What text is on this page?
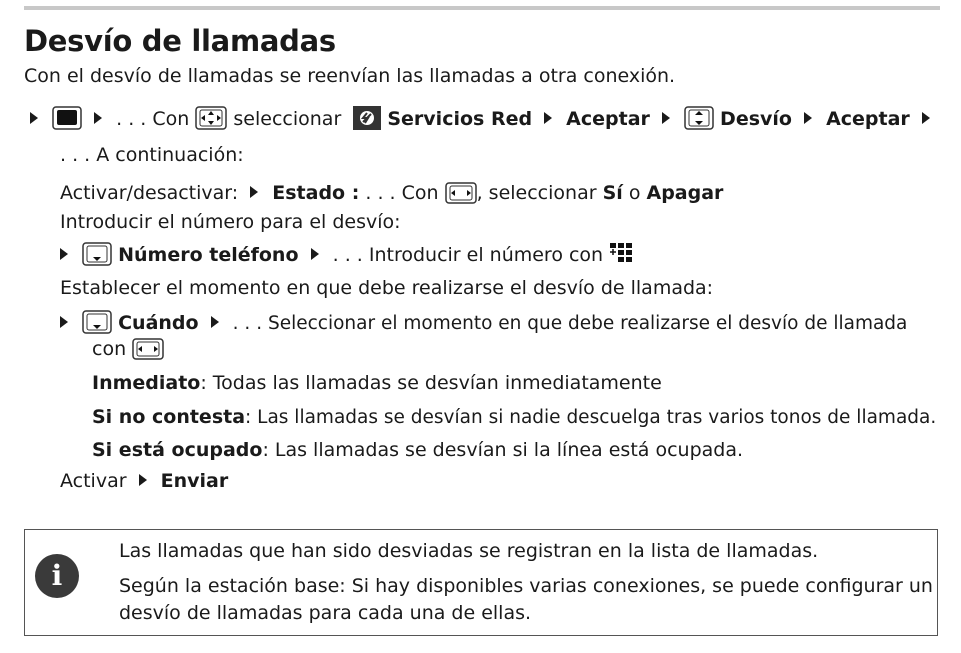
Desvío de llamadas
Con el desvío de llamadas se reenvían las llamadas a otra conexión.

. . . Con seleccionar Servicios Red Aceptar	Desvío Aceptar
. . . A continuación:
Activar/desactivar: Estado : . . . Con , seleccionar Sí o Apagar
Introducir el número para el desvío:

Número teléfono . . . Introducir el número con
Establecer el momento en que debe realizarse el desvío de llamada:

Cuándo . . . Seleccionar el momento en que debe realizarse el desvío de llamada
con
Inmediato: Todas las llamadas se desvían inmediatamente
Si no contesta: Las llamadas se desvían si nadie descuelga tras varios tonos de llamada.
Si está ocupado: Las llamadas se desvían si la línea está ocupada.
Activar Enviar
i
Las llamadas que han sido desviadas se registran en la lista de llamadas.
Según la estación base: Si hay disponibles varias conexiones, se puede configurar un
desvío de llamadas para cada una de ellas.
